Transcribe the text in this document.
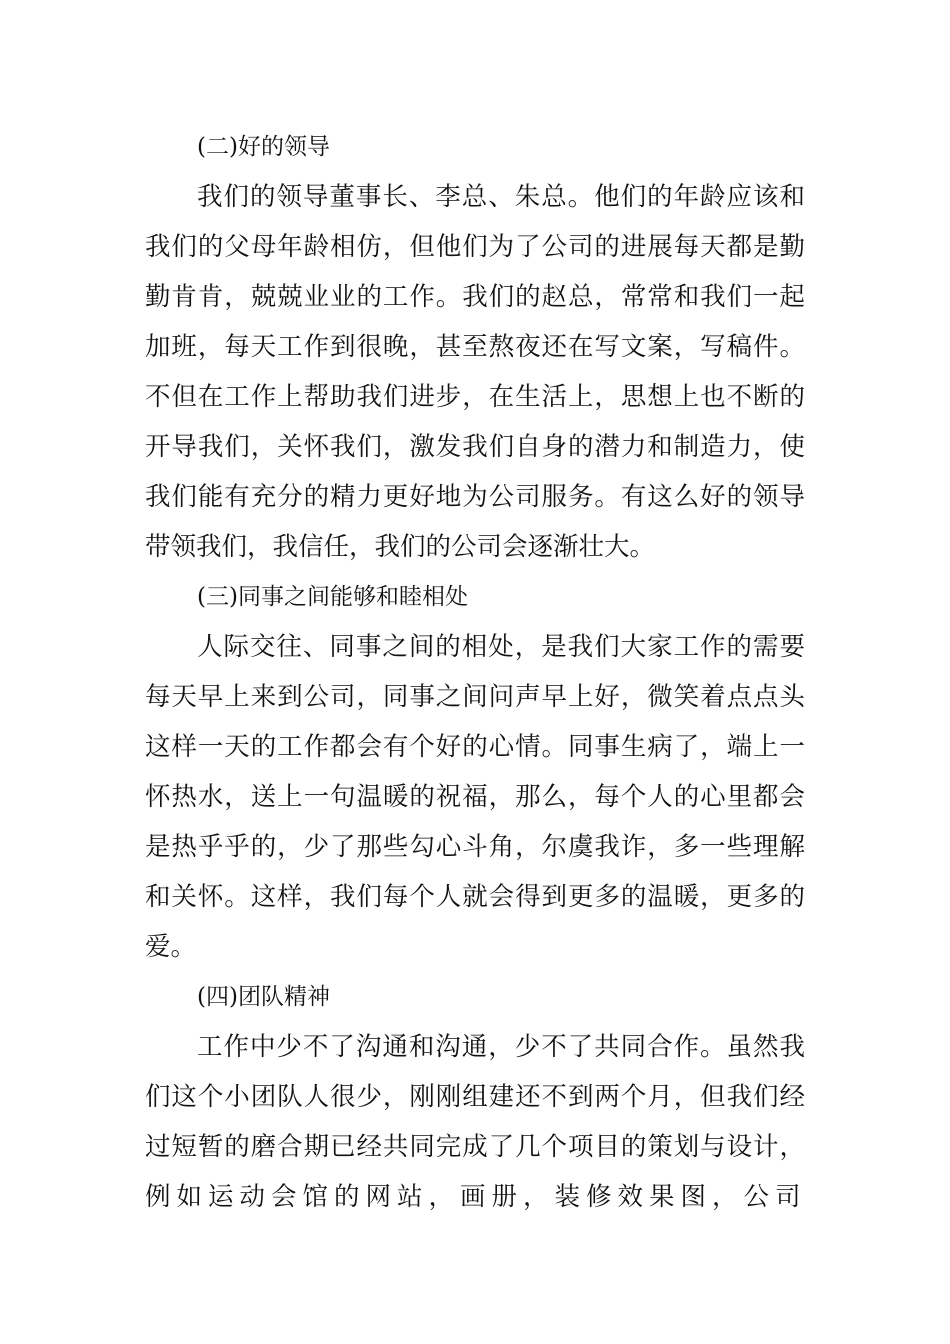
(二)好的领导

我们的领导董事长、李总、朱总。他们的年龄应该和
我们的父母年龄相仿，但他们为了公司的进展每天都是勤
勤肯肯，兢兢业业的工作。我们的赵总，常常和我们一起
加班，每天工作到很晚，甚至熬夜还在写文案，写稿件。
不但在工作上帮助我们进步，在生活上，思想上也不断的
开导我们，关怀我们，激发我们自身的潜力和制造力，使
我们能有充分的精力更好地为公司服务。有这么好的领导
带领我们，我信任，我们的公司会逐渐壮大。

(三)同事之间能够和睦相处

人际交往、同事之间的相处，是我们大家工作的需要
每天早上来到公司，同事之间问声早上好，微笑着点点头
这样一天的工作都会有个好的心情。同事生病了，端上一
怀热水，送上一句温暖的祝福，那么，每个人的心里都会
是热乎乎的，少了那些勾心斗角，尔虞我诈，多一些理解
和关怀。这样，我们每个人就会得到更多的温暖，更多的
爱。

(四)团队精神

工作中少不了沟通和沟通，少不了共同合作。虽然我
们这个小团队人很少，刚刚组建还不到两个月，但我们经
过短暂的磨合期已经共同完成了几个项目的策划与设计，
例如运动会馆的网站，画册，装修效果图，公司
